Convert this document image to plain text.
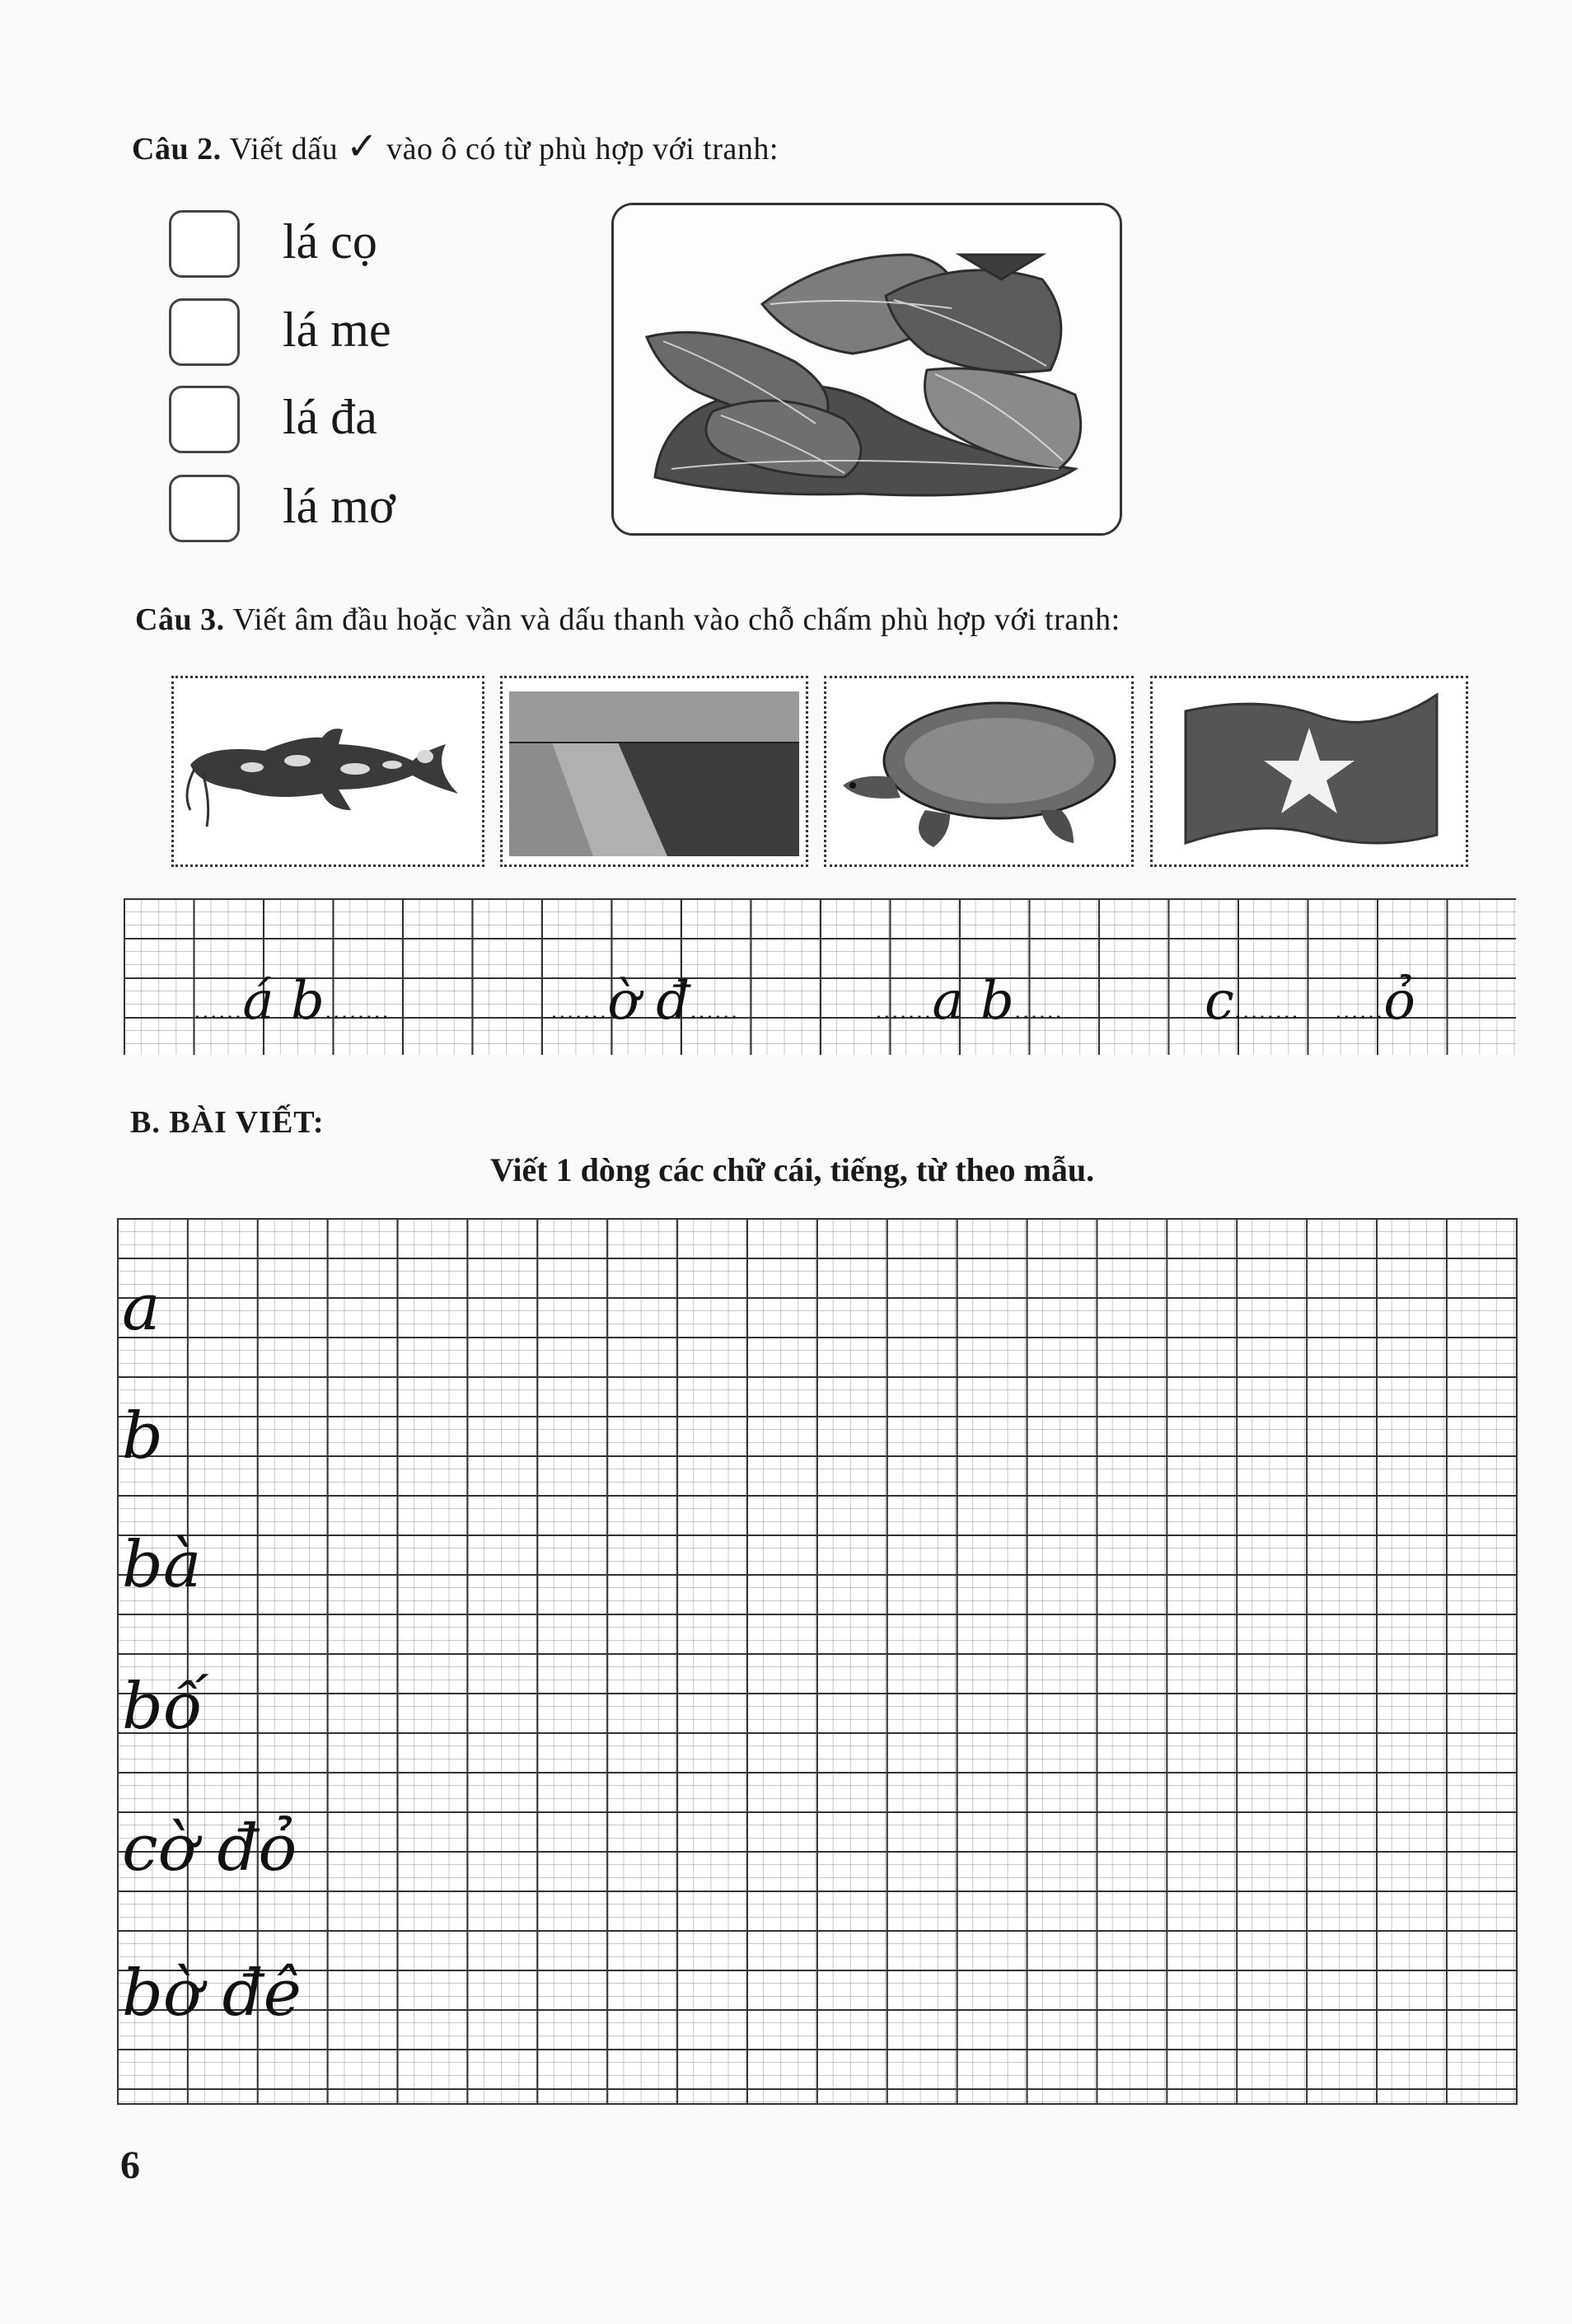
Câu 2. Viết dấu ✓ vào ô có từ phù hợp với tranh:
lá cọ
lá me
lá đa
lá mơ
Câu 3. Viết âm đầu hoặc vần và dấu thanh vào chỗ chấm phù hợp với tranh:
......á b........	.......ờ đ......	.......a b......	c........ ......ỏ
B. BÀI VIẾT:
Viết 1 dòng các chữ cái, tiếng, từ theo mẫu.
a
b
bà
bố
cờ đỏ
bờ đê
6
